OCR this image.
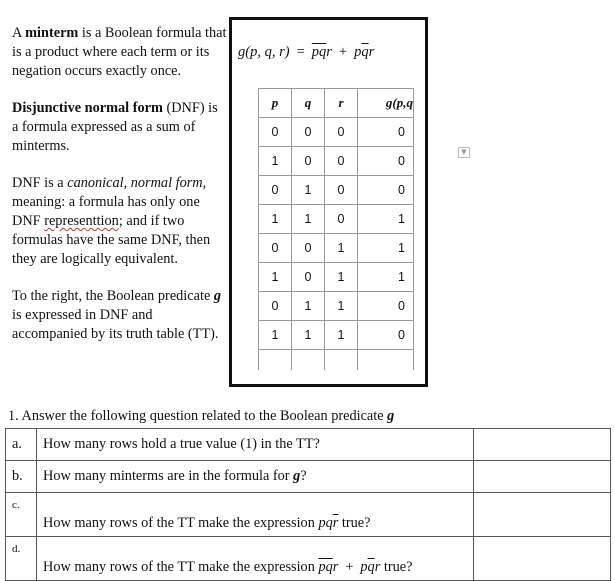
A minterm is a Boolean formula that is a product where each term or its negation occurs exactly once.

Disjunctive normal form (DNF) is a formula expressed as a sum of minterms.

DNF is a canonical, normal form, meaning: a formula has only one DNF representtion; and if two formulas have the same DNF, then they are logically equivalent.

To the right, the Boolean predicate g is expressed in DNF and accompanied by its truth table (TT).

g(p, q, $r) = \overline{pq}r + p\overline{q}r$
p	q	r	g(p,q
0	0	0	0
1	0	0	0
0	1	0	0
1	1	0	1
0	0	1	1
1	0	1	1
0	1	1	0
1	1	1	0

▼
1. Answer the following question related to the Boolean predicate g
a.	How many rows hold a true value (1) in the TT?	
b.	How many minterms are in the formula for g?	
c.	How many rows of the TT make the expression $pq\overline{r}$ true?	
d.	How many rows of the TT make the expression $\overline{pq}r + p\overline{q}r$ true?	
